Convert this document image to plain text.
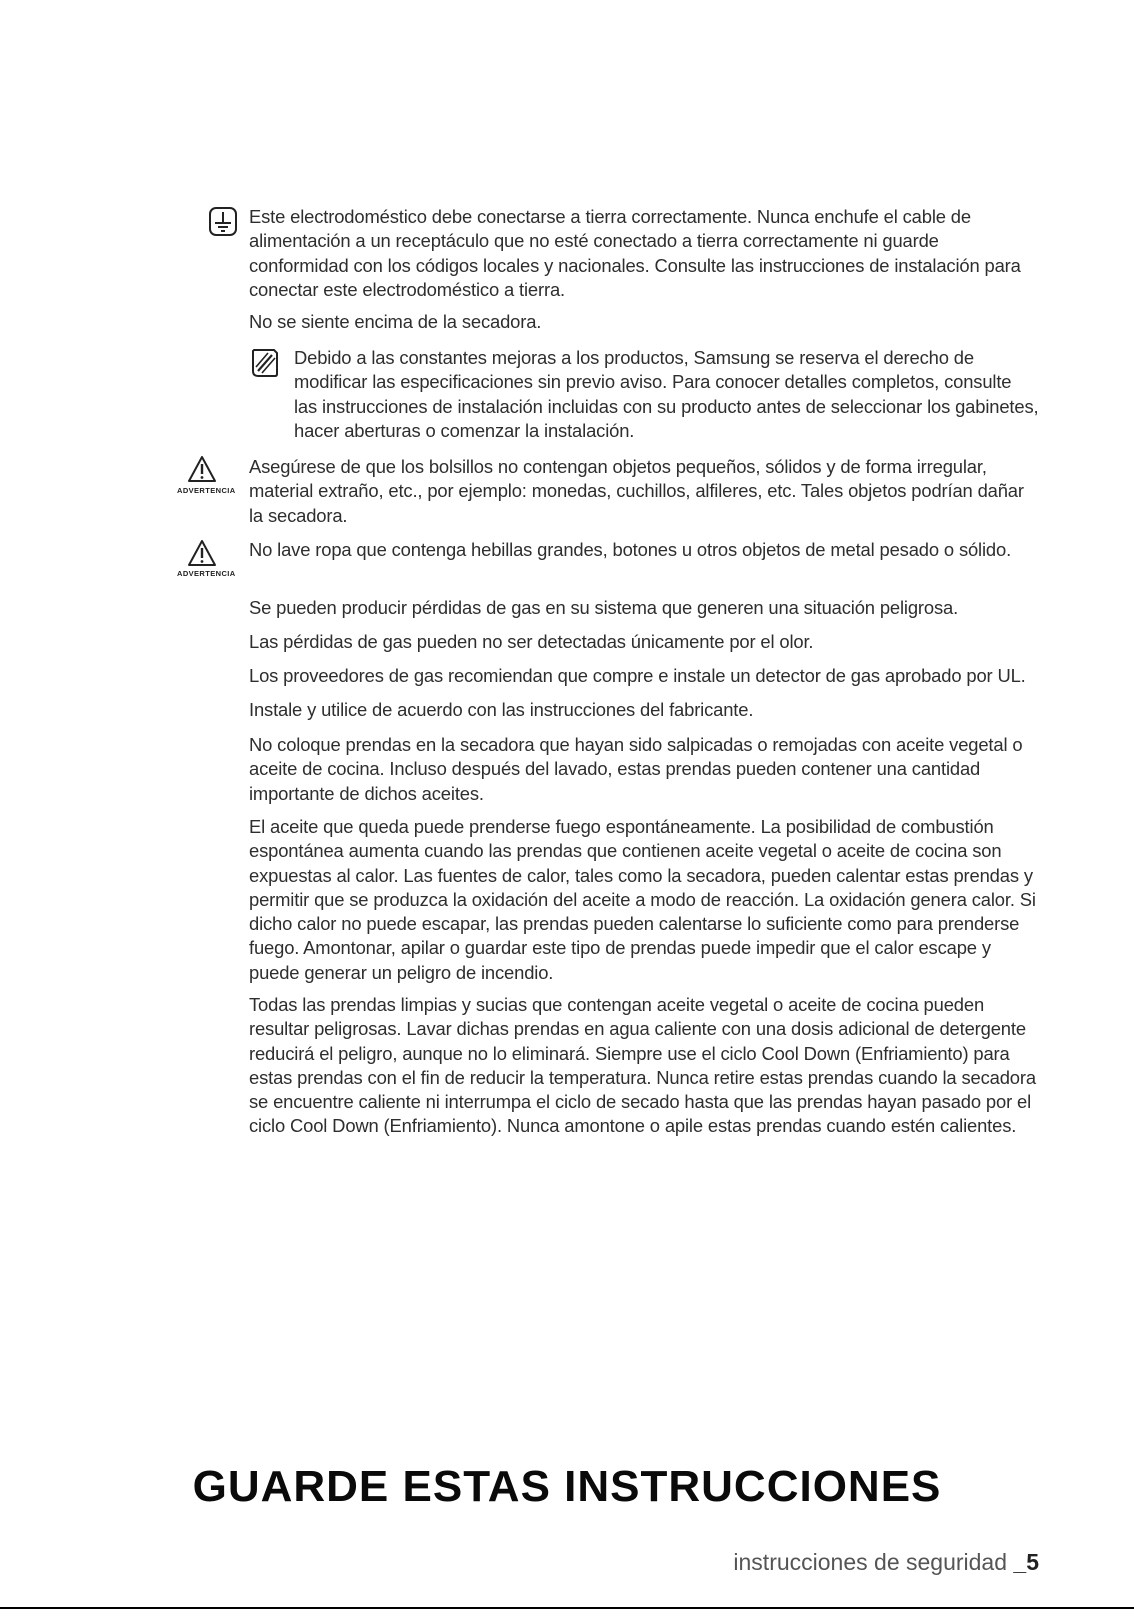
Este electrodoméstico debe conectarse a tierra correctamente. Nunca enchufe el cable de alimentación a un receptáculo que no esté conectado a tierra correctamente ni guarde conformidad con los códigos locales y nacionales. Consulte las instrucciones de instalación para conectar este electrodoméstico a tierra.

No se siente encima de la secadora.

Debido a las constantes mejoras a los productos, Samsung se reserva el derecho de modificar las especificaciones sin previo aviso. Para conocer detalles completos, consulte las instrucciones de instalación incluidas con su producto antes de seleccionar los gabinetes, hacer aberturas o comenzar la instalación.

ADVERTENCIA

Asegúrese de que los bolsillos no contengan objetos pequeños, sólidos y de forma irregular, material extraño, etc., por ejemplo: monedas, cuchillos, alfileres, etc. Tales objetos podrían dañar la secadora.

ADVERTENCIA

No lave ropa que contenga hebillas grandes, botones u otros objetos de metal pesado o sólido.

Se pueden producir pérdidas de gas en su sistema que generen una situación peligrosa.

Las pérdidas de gas pueden no ser detectadas únicamente por el olor.

Los proveedores de gas recomiendan que compre e instale un detector de gas aprobado por UL.

Instale y utilice de acuerdo con las instrucciones del fabricante.

No coloque prendas en la secadora que hayan sido salpicadas o remojadas con aceite vegetal o aceite de cocina. Incluso después del lavado, estas prendas pueden contener una cantidad importante de dichos aceites.

El aceite que queda puede prenderse fuego espontáneamente. La posibilidad de combustión espontánea aumenta cuando las prendas que contienen aceite vegetal o aceite de cocina son expuestas al calor. Las fuentes de calor, tales como la secadora, pueden calentar estas prendas y permitir que se produzca la oxidación del aceite a modo de reacción. La oxidación genera calor. Si dicho calor no puede escapar, las prendas pueden calentarse lo suficiente como para prenderse fuego. Amontonar, apilar o guardar este tipo de prendas puede impedir que el calor escape y puede generar un peligro de incendio.

Todas las prendas limpias y sucias que contengan aceite vegetal o aceite de cocina pueden resultar peligrosas. Lavar dichas prendas en agua caliente con una dosis adicional de detergente reducirá el peligro, aunque no lo eliminará. Siempre use el ciclo Cool Down (Enfriamiento) para estas prendas con el fin de reducir la temperatura. Nunca retire estas prendas cuando la secadora se encuentre caliente ni interrumpa el ciclo de secado hasta que las prendas hayan pasado por el ciclo Cool Down (Enfriamiento). Nunca amontone o apile estas prendas cuando estén calientes.

GUARDE ESTAS INSTRUCCIONES
instrucciones de seguridad _5
